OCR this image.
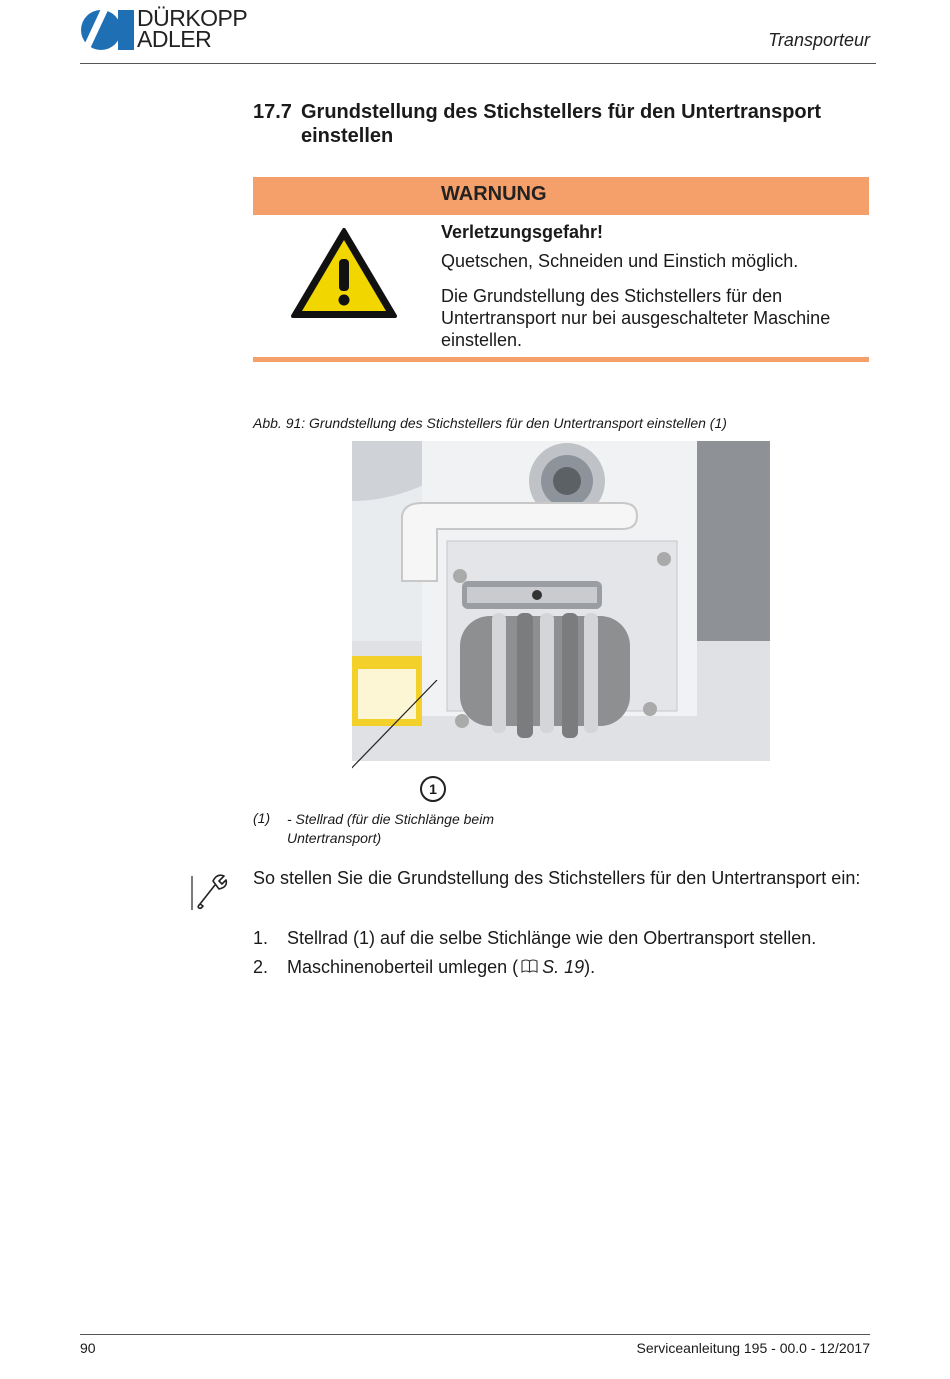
DÜRKOPP
ADLER	Transporteur
17.7 Grundstellung des Stichstellers für den Untertransport einstellen
WARNUNG
Verletzungsgefahr!
Quetschen, Schneiden und Einstich möglich.
Die Grundstellung des Stichstellers für den Untertransport nur bei ausgeschalteter Maschine einstellen.
Abb. 91: Grundstellung des Stichstellers für den Untertransport einstellen (1)
1
(1) - Stellrad (für die Stichlänge beim Untertransport)
So stellen Sie die Grundstellung des Stichstellers für den Untertransport ein:
1. Stellrad (1) auf die selbe Stichlänge wie den Obertransport stellen.
2. Maschinenoberteil umlegen ( S. 19).
90	Serviceanleitung 195 - 00.0 - 12/2017
